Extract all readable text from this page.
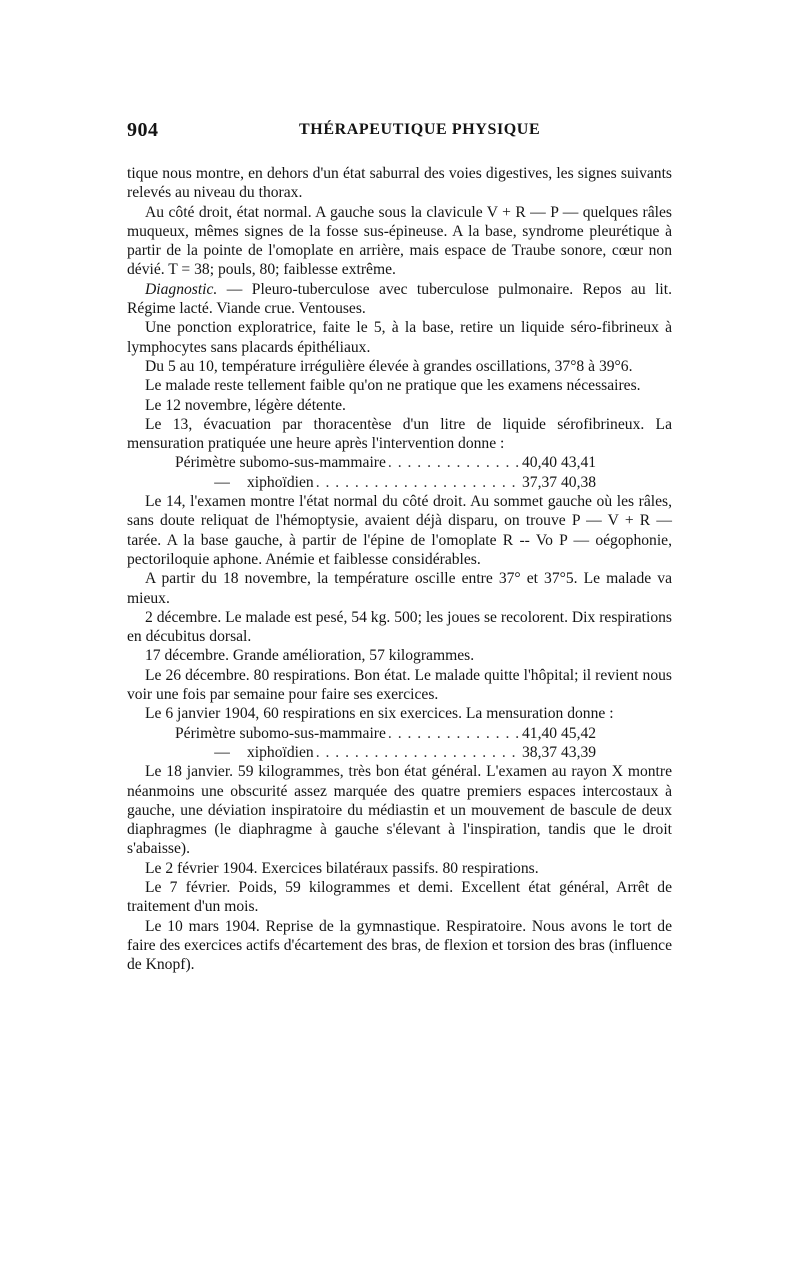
904	THÉRAPEUTIQUE PHYSIQUE

tique nous montre, en dehors d'un état saburral des voies digestives, les signes suivants relevés au niveau du thorax.

Au côté droit, état normal. A gauche sous la clavicule V + R — P — quelques râles muqueux, mêmes signes de la fosse sus-épineuse. A la base, syndrome pleurétique à partir de la pointe de l'omoplate en arrière, mais espace de Traube sonore, cœur non dévié. T = 38; pouls, 80; faiblesse extrême.

Diagnostic. — Pleuro-tuberculose avec tuberculose pulmonaire. Repos au lit. Régime lacté. Viande crue. Ventouses.

Une ponction exploratrice, faite le 5, à la base, retire un liquide séro-fibrineux à lymphocytes sans placards épithéliaux.

Du 5 au 10, température irrégulière élevée à grandes oscillations, 37°8 à 39°6.

Le malade reste tellement faible qu'on ne pratique que les examens nécessaires.

Le 12 novembre, légère détente.

Le 13, évacuation par thoracentèse d'un litre de liquide sérofibrineux. La mensuration pratiquée une heure après l'intervention donne :

Périmètre subomo-sus-mammaire . . .	40,40 43,41
—	xiphoïdien . . .	37,37 40,38

Le 14, l'examen montre l'état normal du côté droit. Au sommet gauche où les râles, sans doute reliquat de l'hémoptysie, avaient déjà disparu, on trouve P — V + R — tarée. A la base gauche, à partir de l'épine de l'omoplate R -- Vo P — oégophonie, pectoriloquie aphone. Anémie et faiblesse considérables.

A partir du 18 novembre, la température oscille entre 37° et 37°5. Le malade va mieux.

2 décembre. Le malade est pesé, 54 kg. 500; les joues se recolorent. Dix respirations en décubitus dorsal.

17 décembre. Grande amélioration, 57 kilogrammes.

Le 26 décembre. 80 respirations. Bon état. Le malade quitte l'hôpital; il revient nous voir une fois par semaine pour faire ses exercices.

Le 6 janvier 1904, 60 respirations en six exercices. La mensuration donne :

Périmètre subomo-sus-mammaire . . .	41,40 45,42
—	xiphoïdien . . .	38,37 43,39

Le 18 janvier. 59 kilogrammes, très bon état général. L'examen au rayon X montre néanmoins une obscurité assez marquée des quatre premiers espaces intercostaux à gauche, une déviation inspiratoire du médiastin et un mouvement de bascule de deux diaphragmes (le diaphragme à gauche s'élevant à l'inspiration, tandis que le droit s'abaisse).

Le 2 février 1904. Exercices bilatéraux passifs. 80 respirations.

Le 7 février. Poids, 59 kilogrammes et demi. Excellent état général, Arrêt de traitement d'un mois.

Le 10 mars 1904. Reprise de la gymnastique. Respiratoire. Nous avons le tort de faire des exercices actifs d'écartement des bras, de flexion et torsion des bras (influence de Knopf).
